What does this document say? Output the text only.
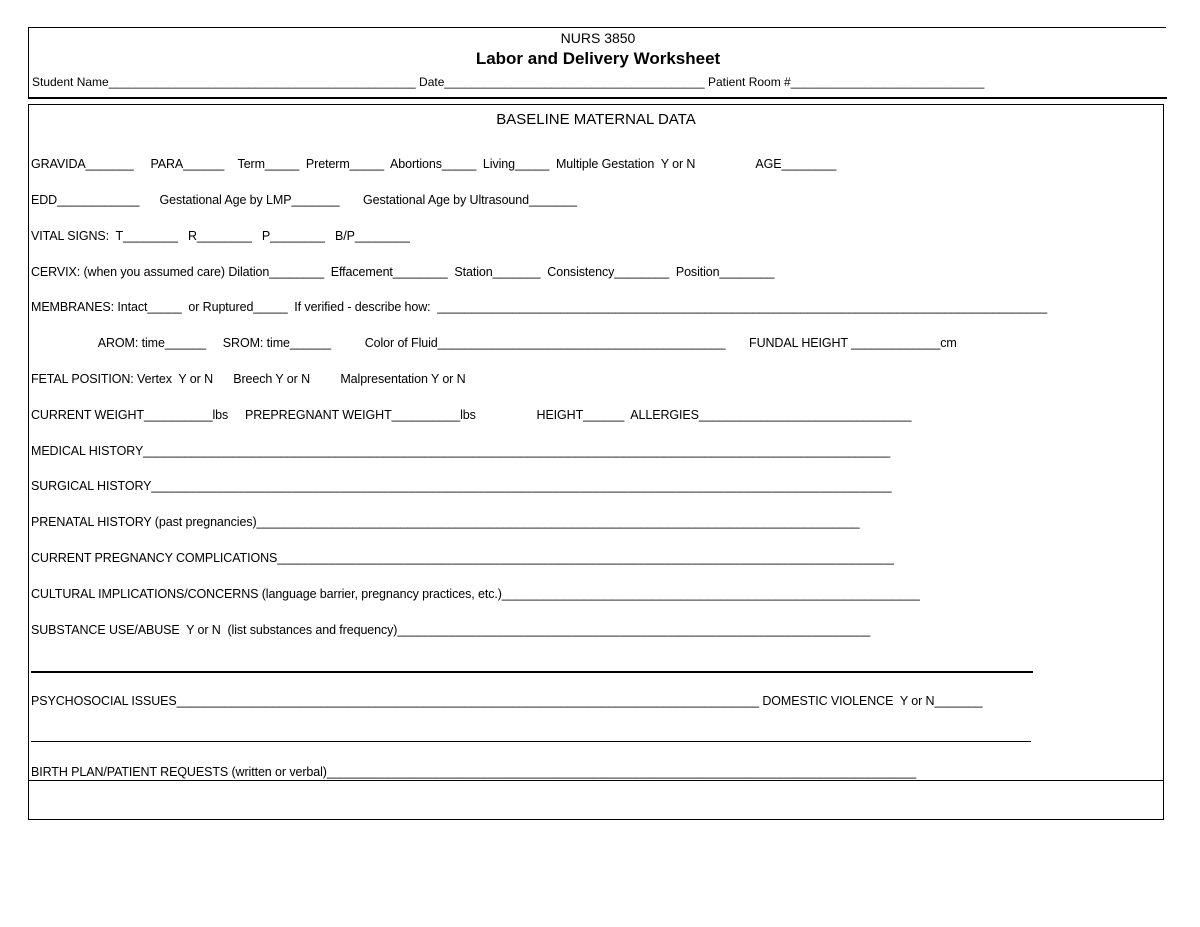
NURS 3850
Labor and Delivery Worksheet
Student Name______________________________________________ Date_______________________________________ Patient Room #_____________________________
BASELINE MATERNAL DATA
GRAVIDA_______     PARA______    Term_____  Preterm_____  Abortions_____  Living_____  Multiple Gestation  Y or N                  AGE________
EDD____________      Gestational Age by LMP_______       Gestational Age by Ultrasound_______
VITAL SIGNS:  T________   R________   P________   B/P________
CERVIX: (when you assumed care) Dilation________  Effacement________  Station_______  Consistency________  Position________
MEMBRANES: Intact_____  or Ruptured_____  If verified - describe how:  _________________________________________________________________________________________
AROM: time______     SROM: time______          Color of Fluid__________________________________________       FUNDAL HEIGHT _____________cm
FETAL POSITION: Vertex  Y or N      Breech Y or N         Malpresentation Y or N
CURRENT WEIGHT__________lbs     PREPREGNANT WEIGHT__________lbs                  HEIGHT______  ALLERGIES_______________________________
MEDICAL HISTORY_____________________________________________________________________________________________________________
SURGICAL HISTORY____________________________________________________________________________________________________________
PRENATAL HISTORY (past pregnancies)________________________________________________________________________________________
CURRENT PREGNANCY COMPLICATIONS__________________________________________________________________________________________
CULTURAL IMPLICATIONS/CONCERNS (language barrier, pregnancy practices, etc.)_____________________________________________________________
SUBSTANCE USE/ABUSE  Y or N  (list substances and frequency)_____________________________________________________________________
PSYCHOSOCIAL ISSUES_____________________________________________________________________________________ DOMESTIC VIOLENCE  Y or N_______
BIRTH PLAN/PATIENT REQUESTS (written or verbal)______________________________________________________________________________________
